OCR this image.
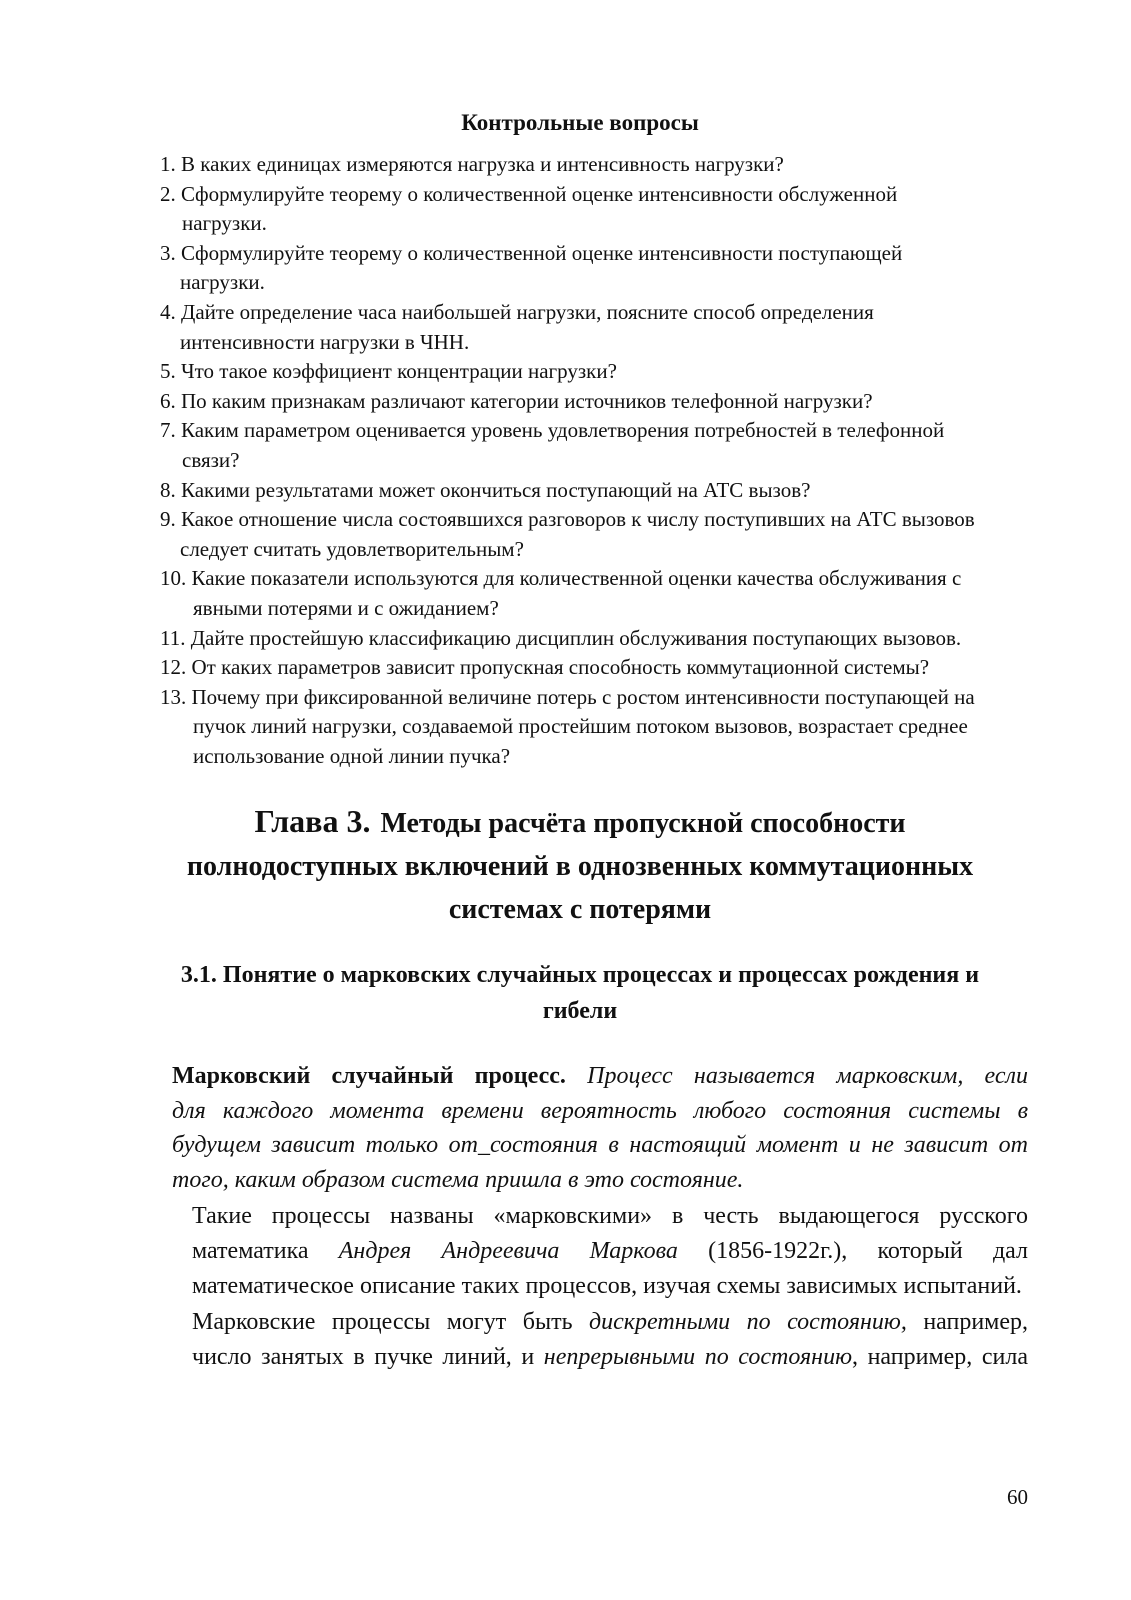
Контрольные вопросы
1. В каких единицах измеряются нагрузка и интенсивность нагрузки?
2. Сформулируйте теорему о количественной оценке интенсивности обслуженной
нагрузки.
3. Сформулируйте теорему о количественной оценке интенсивности поступающей
нагрузки.
4. Дайте определение часа наибольшей нагрузки, поясните способ определения
интенсивности нагрузки в ЧНН.
5. Что такое коэффициент концентрации нагрузки?
6. По каким признакам различают категории источников телефонной нагрузки?
7. Каким параметром оценивается уровень удовлетворения потребностей в телефонной
связи?
8. Какими результатами может окончиться поступающий на АТС вызов?
9. Какое отношение числа состоявшихся разговоров к числу поступивших на АТС вызовов
следует считать удовлетворительным?
10. Какие показатели используются для количественной оценки качества обслуживания с
явными потерями и с ожиданием?
11. Дайте простейшую классификацию дисциплин обслуживания поступающих вызовов.
12. От каких параметров зависит пропускная способность коммутационной системы?
13. Почему при фиксированной величине потерь с ростом интенсивности поступающей на
пучок линий нагрузки, создаваемой простейшим потоком вызовов, возрастает среднее
использование одной линии пучка?
Глава 3. Методы расчёта пропускной способности
полнодоступных включений в однозвенных коммутационных
системах с потерями
3.1. Понятие о марковских случайных процессах и процессах рождения и
гибели

Марковский случайный процесс. Процесс называется марковским, если
для каждого момента времени вероятность любого состояния системы в
будущем зависит только от_состояния в настоящий момент и не зависит от
того, каким образом система пришла в это состояние.

Такие процессы названы «марковскими» в честь выдающегося русского
математика Андрея Андреевича Маркова (1856-1922г.), который дал
математическое описание таких процессов, изучая схемы зависимых испытаний.

Марковские процессы могут быть дискретными по состоянию, например,
число занятых в пучке линий, и непрерывными по состоянию, например, сила

60
